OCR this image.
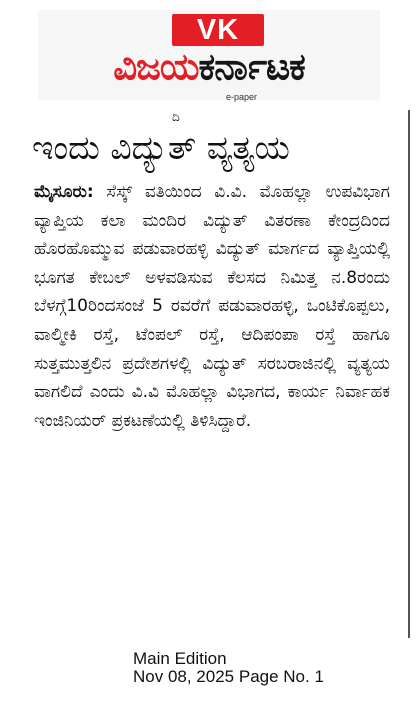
VK
ವಿಜಯಕರ್ನಾಟಕ
e-paper
ದಿ
ಇಂದು ವಿದ್ಯುತ್ ವ್ಯತ್ಯಯ
ಮೈಸೂರು: ಸೆಸ್ಕ್ ವತಿಯಿಂದ ವಿ.ವಿ. ಮೊಹಲ್ಲಾ ಉಪವಿಭಾಗ ವ್ಯಾಪ್ತಿಯ ಕಲಾ ಮಂದಿರ ವಿದ್ಯುತ್ ವಿತರಣಾ ಕೇಂದ್ರದಿಂದ ಹೊರಹೊಮ್ಮುವ ಪಡುವಾರಹಳ್ಳಿ ವಿದ್ಯುತ್ ಮಾರ್ಗದ ವ್ಯಾಪ್ತಿಯಲ್ಲಿ ಭೂಗತ ಕೇಬಲ್ ಅಳವಡಿಸುವ ಕೆಲಸದ ನಿಮಿತ್ತ ನ.8ರಂದು ಬೆಳಗ್ಗೆ10ರಿಂದಸಂಜೆ 5 ರವರೆಗೆ ಪಡುವಾರಹಳ್ಳಿ, ಒಂಟಿಕೊಪ್ಪಲು, ವಾಲ್ಮೀಕಿ ರಸ್ತೆ, ಟೆಂಪಲ್ ರಸ್ತೆ, ಆದಿಪಂಪಾ ರಸ್ತೆ ಹಾಗೂ ಸುತ್ತಮುತ್ತಲಿನ ಪ್ರದೇಶಗಳಲ್ಲಿ ವಿದ್ಯುತ್ ಸರಬರಾಜಿನಲ್ಲಿ ವ್ಯತ್ಯಯ ವಾಗಲಿದೆ ಎಂದು ವಿ.ವಿ ಮೊಹಲ್ಲಾ ವಿಭಾಗದ, ಕಾರ್ಯ ನಿರ್ವಾಹಕ ಇಂಜಿನಿಯರ್ ಪ್ರಕಟಣೆಯಲ್ಲಿ ತಿಳಿಸಿದ್ದಾರೆ.
Main Edition
Nov 08, 2025 Page No. 1
